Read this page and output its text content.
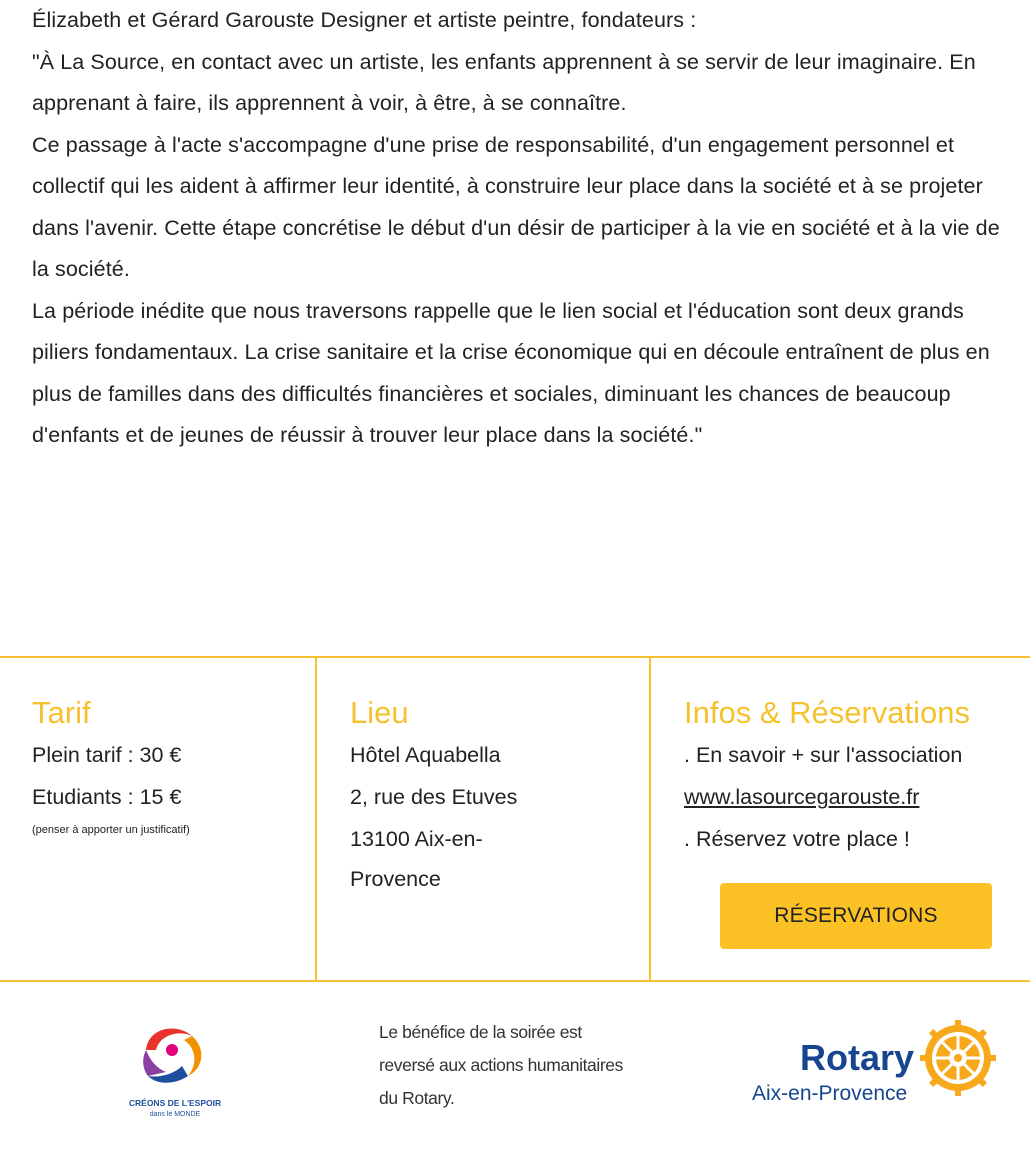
Élizabeth et Gérard Garouste Designer et artiste peintre, fondateurs :

"À La Source, en contact avec un artiste, les enfants apprennent à se servir de leur imaginaire. En apprenant à faire, ils apprennent à voir, à être, à se connaître.

Ce passage à l'acte s'accompagne d'une prise de responsabilité, d'un engagement personnel et collectif qui les aident à affirmer leur identité, à construire leur place dans la société et à se projeter dans l'avenir. Cette étape concrétise le début d'un désir de participer à la vie en société et à la vie de la société.

La période inédite que nous traversons rappelle que le lien social et l'éducation sont deux grands piliers fondamentaux. La crise sanitaire et la crise économique qui en découle entraînent de plus en plus de familles dans des difficultés financières et sociales, diminuant les chances de beaucoup d'enfants et de jeunes de réussir à trouver leur place dans la société."

Tarif
Plein tarif : 30 €
Etudiants : 15 €
(penser à apporter un justificatif)
Lieu
Hôtel Aquabella
2, rue des Etuves
13100 Aix-en-
Provence
Infos & Réservations
. En savoir + sur l'association
www.lasourcegarouste.fr
. Réservez votre place !
RÉSERVATIONS
CRÉONS DE L'ESPOIR
dans le MONDE
Le bénéfice de la soirée est reversé aux actions humanitaires du Rotary.
Rotary
Aix-en-Provence
